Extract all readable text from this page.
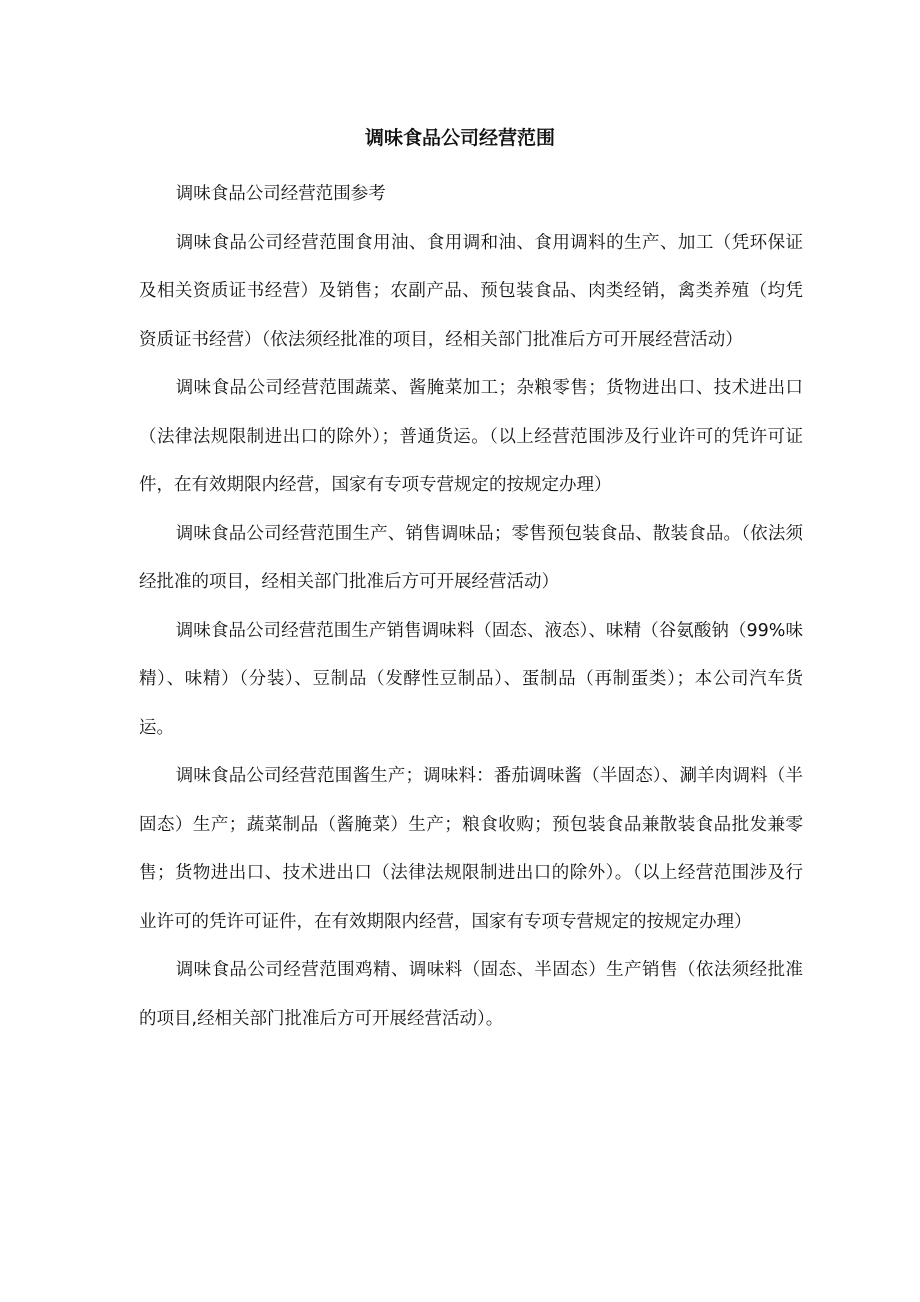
调味食品公司经营范围

调味食品公司经营范围参考

调味食品公司经营范围食用油、食用调和油、食用调料的生产、加工（凭环保证及相关资质证书经营）及销售；农副产品、预包装食品、肉类经销，禽类养殖（均凭资质证书经营）（依法须经批准的项目，经相关部门批准后方可开展经营活动）

调味食品公司经营范围蔬菜、酱腌菜加工；杂粮零售；货物进出口、技术进出口（法律法规限制进出口的除外）；普通货运。（以上经营范围涉及行业许可的凭许可证件，在有效期限内经营，国家有专项专营规定的按规定办理）

调味食品公司经营范围生产、销售调味品；零售预包装食品、散装食品。（依法须经批准的项目，经相关部门批准后方可开展经营活动）

调味食品公司经营范围生产销售调味料（固态、液态）、味精（谷氨酸钠（99%味精）、味精）（分装）、豆制品（发酵性豆制品）、蛋制品（再制蛋类）；本公司汽车货运。

调味食品公司经营范围酱生产；调味料：番茄调味酱（半固态）、涮羊肉调料（半固态）生产；蔬菜制品（酱腌菜）生产；粮食收购；预包装食品兼散装食品批发兼零售；货物进出口、技术进出口（法律法规限制进出口的除外）。（以上经营范围涉及行业许可的凭许可证件，在有效期限内经营，国家有专项专营规定的按规定办理）

调味食品公司经营范围鸡精、调味料（固态、半固态）生产销售（依法须经批准的项目,经相关部门批准后方可开展经营活动）。
